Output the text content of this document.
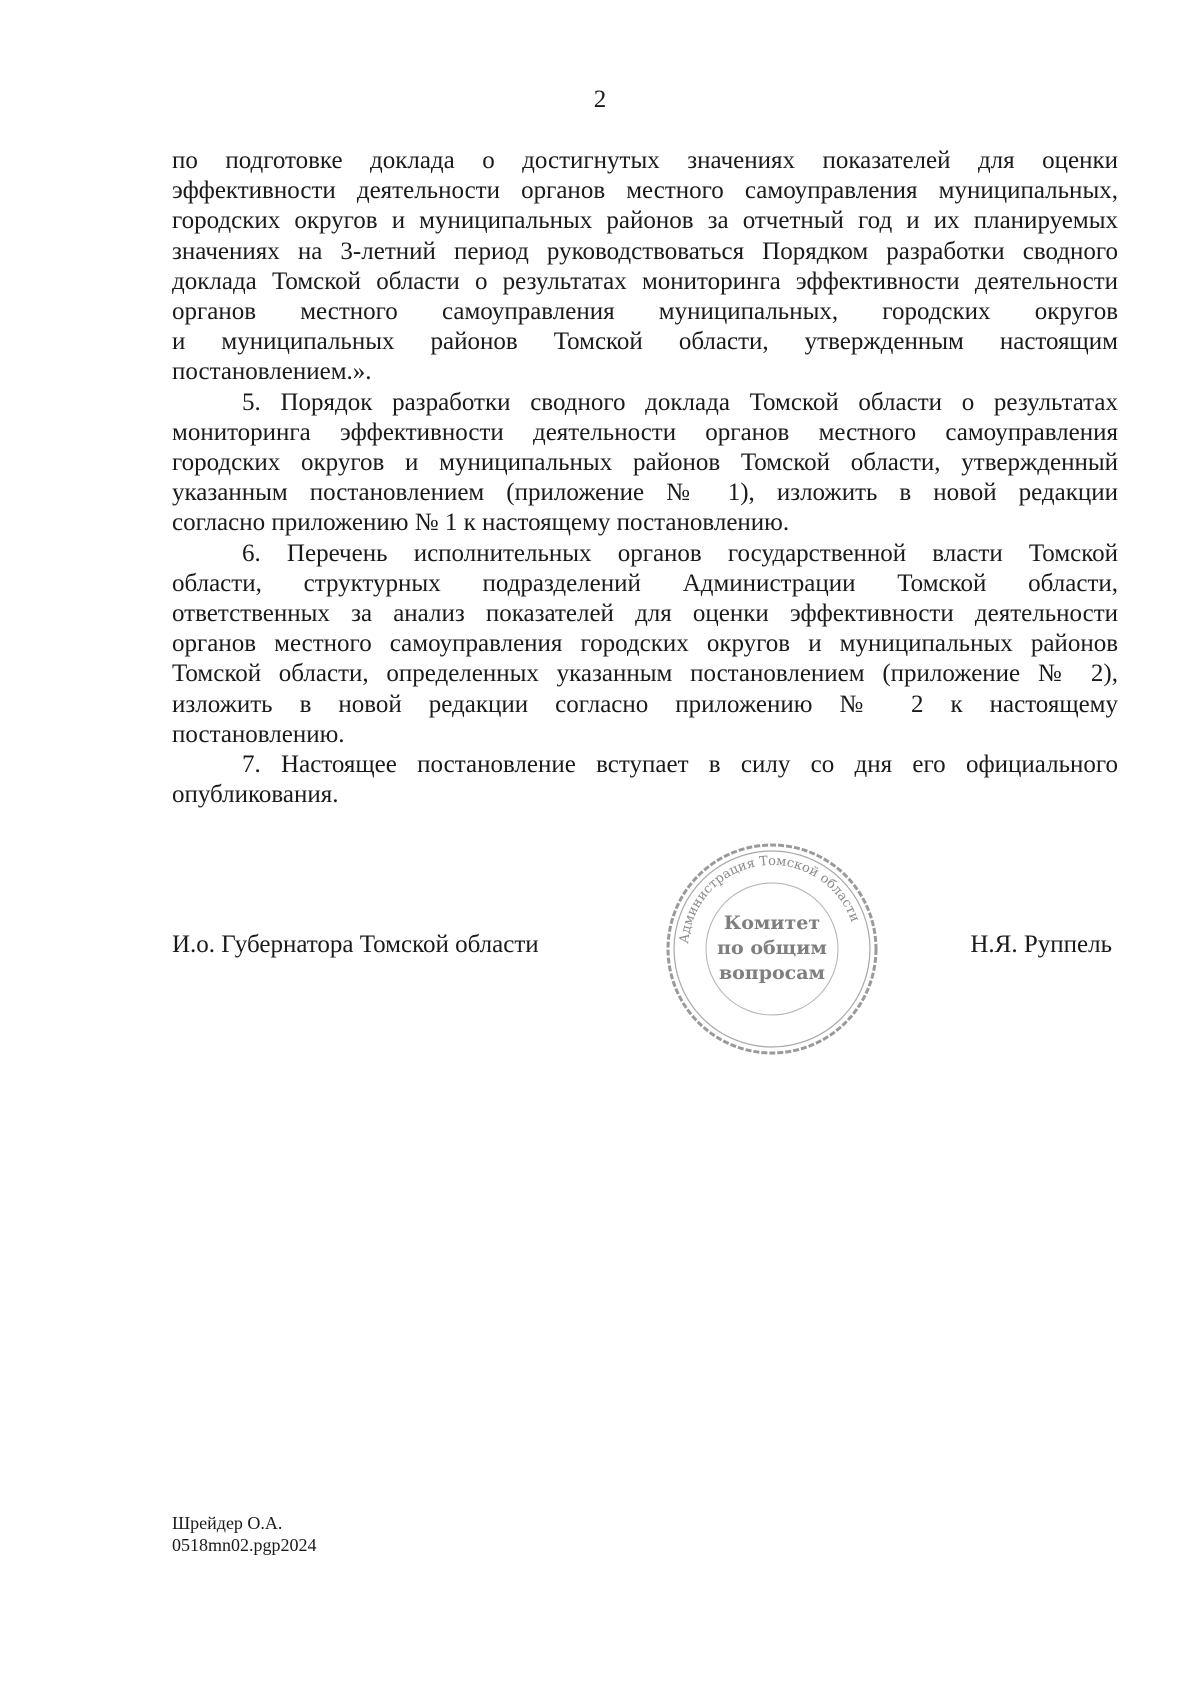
2
по подготовке доклада о достигнутых значениях показателей для оценки
эффективности деятельности органов местного самоуправления муниципальных,
городских округов и муниципальных районов за отчетный год и их планируемых
значениях на 3-летний период руководствоваться Порядком разработки сводного
доклада Томской области о результатах мониторинга эффективности деятельности
органов местного самоуправления муниципальных, городских округов
и муниципальных районов Томской области, утвержденным настоящим
постановлением.».
5. Порядок разработки сводного доклада Томской области о результатах
мониторинга эффективности деятельности органов местного самоуправления
городских округов и муниципальных районов Томской области, утвержденный
указанным постановлением (приложение № 1), изложить в новой редакции
согласно приложению № 1 к настоящему постановлению.
6. Перечень исполнительных органов государственной власти Томской
области, структурных подразделений Администрации Томской области,
ответственных за анализ показателей для оценки эффективности деятельности
органов местного самоуправления городских округов и муниципальных районов
Томской области, определенных указанным постановлением (приложение № 2),
изложить в новой редакции согласно приложению № 2 к настоящему
постановлению.
7. Настоящее постановление вступает в силу со дня его официального
опубликования.
Администрация Томской области
Комитет
по общим
вопросам
И.о. Губернатора Томской области	Н.Я. Руппель
Шрейдер О.А.
0518mn02.pgp2024
